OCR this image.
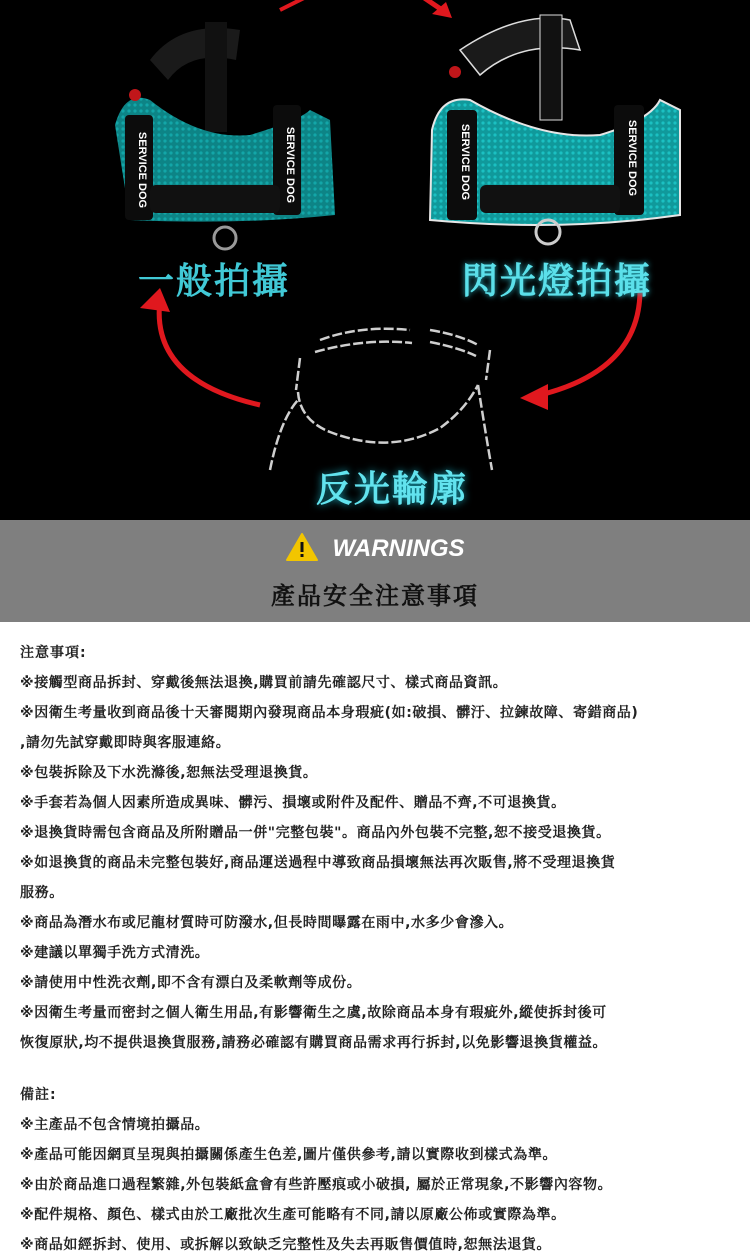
SERVICE DOG	SERVICE DOG	SERVICE DOG	SERVICE DOG
一般拍攝	閃光燈拍攝
反光輪廓
WARNINGS
產品安全注意事項
注意事項:
※接觸型商品拆封、穿戴後無法退換,購買前請先確認尺寸、樣式商品資訊。
※因衛生考量收到商品後十天審閱期內發現商品本身瑕疵(如:破損、髒汙、拉鍊故障、寄錯商品)
,請勿先試穿戴即時與客服連絡。
※包裝拆除及下水洗滌後,恕無法受理退換貨。
※手套若為個人因素所造成異味、髒污、損壞或附件及配件、贈品不齊,不可退換貨。
※退換貨時需包含商品及所附贈品一併"完整包裝"。商品內外包裝不完整,恕不接受退換貨。
※如退換貨的商品未完整包裝好,商品運送過程中導致商品損壞無法再次販售,將不受理退換貨
服務。
※商品為潛水布或尼龍材質時可防潑水,但長時間曝露在雨中,水多少會滲入。
※建議以單獨手洗方式清洗。
※請使用中性洗衣劑,即不含有漂白及柔軟劑等成份。
※因衛生考量而密封之個人衛生用品,有影響衛生之虞,故除商品本身有瑕疵外,縱使拆封後可
恢復原狀,均不提供退換貨服務,請務必確認有購買商品需求再行拆封,以免影響退換貨權益。
備註:
※主產品不包含情境拍攝品。
※產品可能因網頁呈現與拍攝關係產生色差,圖片僅供參考,請以實際收到樣式為準。
※由於商品進口過程繁雜,外包裝紙盒會有些許壓痕或小破損, 屬於正常現象,不影響內容物。
※配件規格、顏色、樣式由於工廠批次生產可能略有不同,請以原廠公佈或實際為準。
※商品如經拆封、使用、或拆解以致缺乏完整性及失去再販售價值時,恕無法退貨。
